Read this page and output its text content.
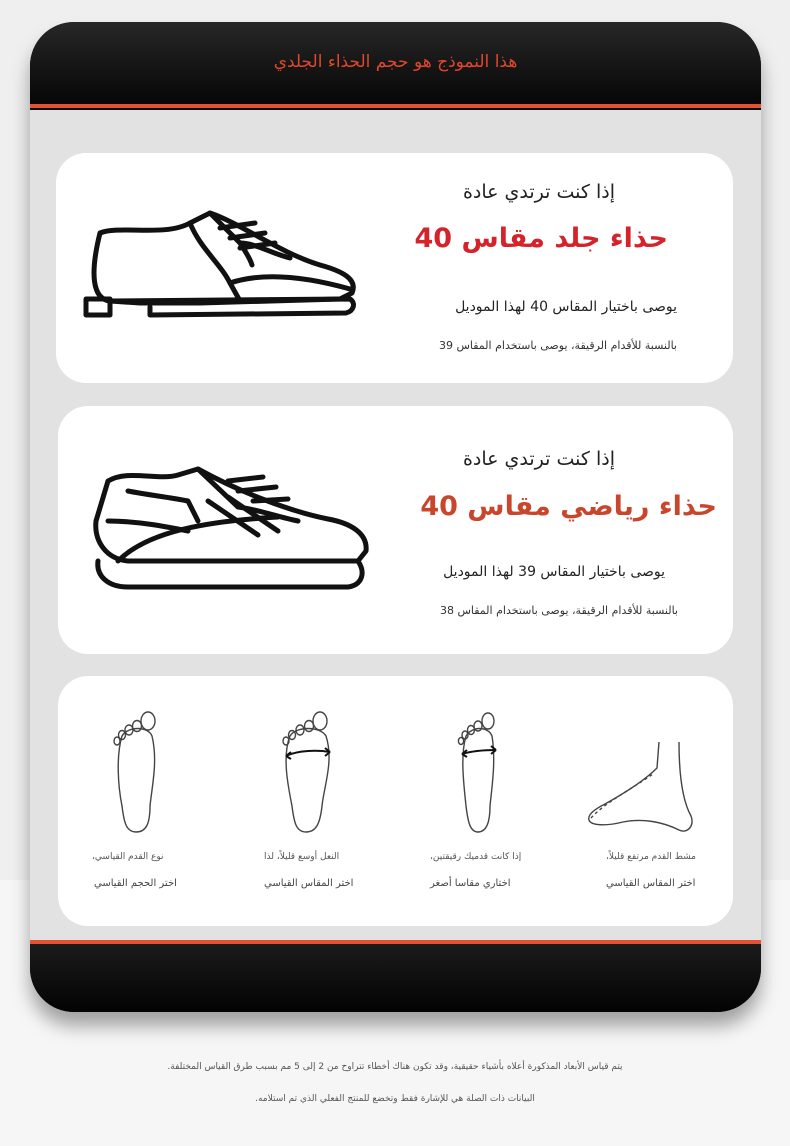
هذا النموذج هو حجم الحذاء الجلدي
إذا كنت ترتدي عادة
حذاء جلد مقاس 40
يوصى باختيار المقاس 40 لهذا الموديل
بالنسبة للأقدام الرقيقة، يوصى باستخدام المقاس 39
إذا كنت ترتدي عادة
حذاء رياضي مقاس 40
يوصى باختيار المقاس 39 لهذا الموديل
بالنسبة للأقدام الرقيقة، يوصى باستخدام المقاس 38
نوع القدم القياسي،
اختر الحجم القياسي
النعل أوسع قليلاً، لذا
اختر المقاس القياسي
إذا كانت قدميك رقيقتين،
اختاري مقاسا أصغر
مشط القدم مرتفع قليلاً،
اختر المقاس القياسي
يتم قياس الأبعاد المذكورة أعلاه بأشياء حقيقية، وقد تكون هناك أخطاء تتراوح من 2 إلى 5 مم بسبب طرق القياس المختلفة.
البيانات ذات الصلة هي للإشارة فقط وتخضع للمنتج الفعلي الذي تم استلامه.
